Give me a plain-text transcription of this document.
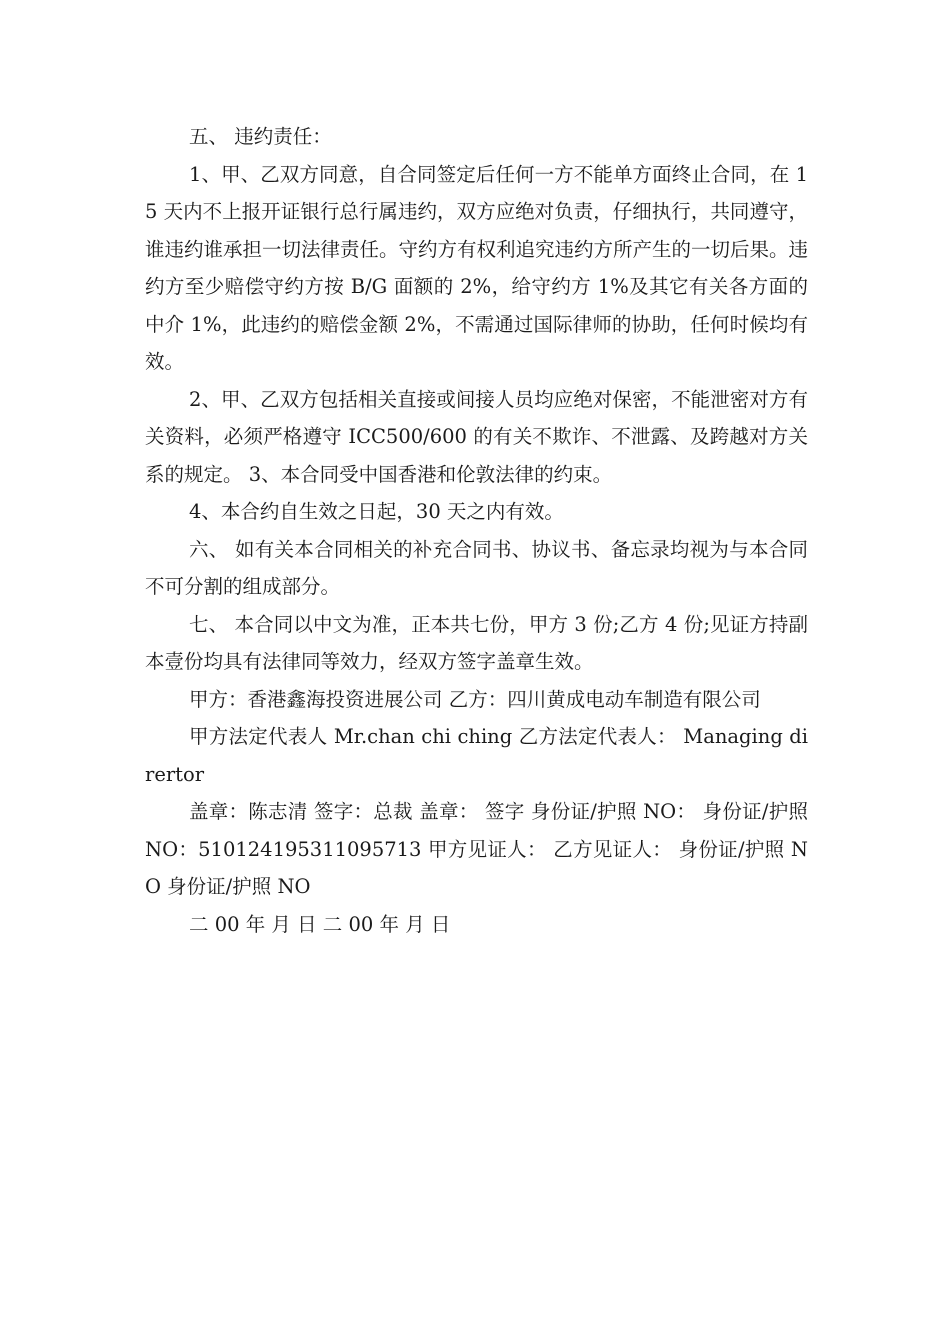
五、 违约责任：

1、甲、乙双方同意，自合同签定后任何一方不能单方面终止合同，在 15 天内不上报开证银行总行属违约，双方应绝对负责，仔细执行，共同遵守，谁违约谁承担一切法律责任。守约方有权利追究违约方所产生的一切后果。违约方至少赔偿守约方按 B/G 面额的 2%，给守约方 1%及其它有关各方面的中介 1%，此违约的赔偿金额 2%，不需通过国际律师的协助，任何时候均有效。

2、甲、乙双方包括相关直接或间接人员均应绝对保密，不能泄密对方有关资料，必须严格遵守 ICC500/600 的有关不欺诈、不泄露、及跨越对方关系的规定。 3、本合同受中国香港和伦敦法律的约束。

4、本合约自生效之日起，30 天之内有效。

六、 如有关本合同相关的补充合同书、协议书、备忘录均视为与本合同不可分割的组成部分。

七、 本合同以中文为准，正本共七份，甲方 3 份;乙方 4 份;见证方持副本壹份均具有法律同等效力，经双方签字盖章生效。

甲方：香港鑫海投资进展公司 乙方：四川黄成电动车制造有限公司

甲方法定代表人 Mr.chan chi ching 乙方法定代表人： Managing dirertor

盖章：陈志清 签字：总裁 盖章： 签字 身份证/护照 NO： 身份证/护照 NO：510124195311095713 甲方见证人： 乙方见证人： 身份证/护照 NO 身份证/护照 NO

二 00 年 月 日 二 00 年 月 日
